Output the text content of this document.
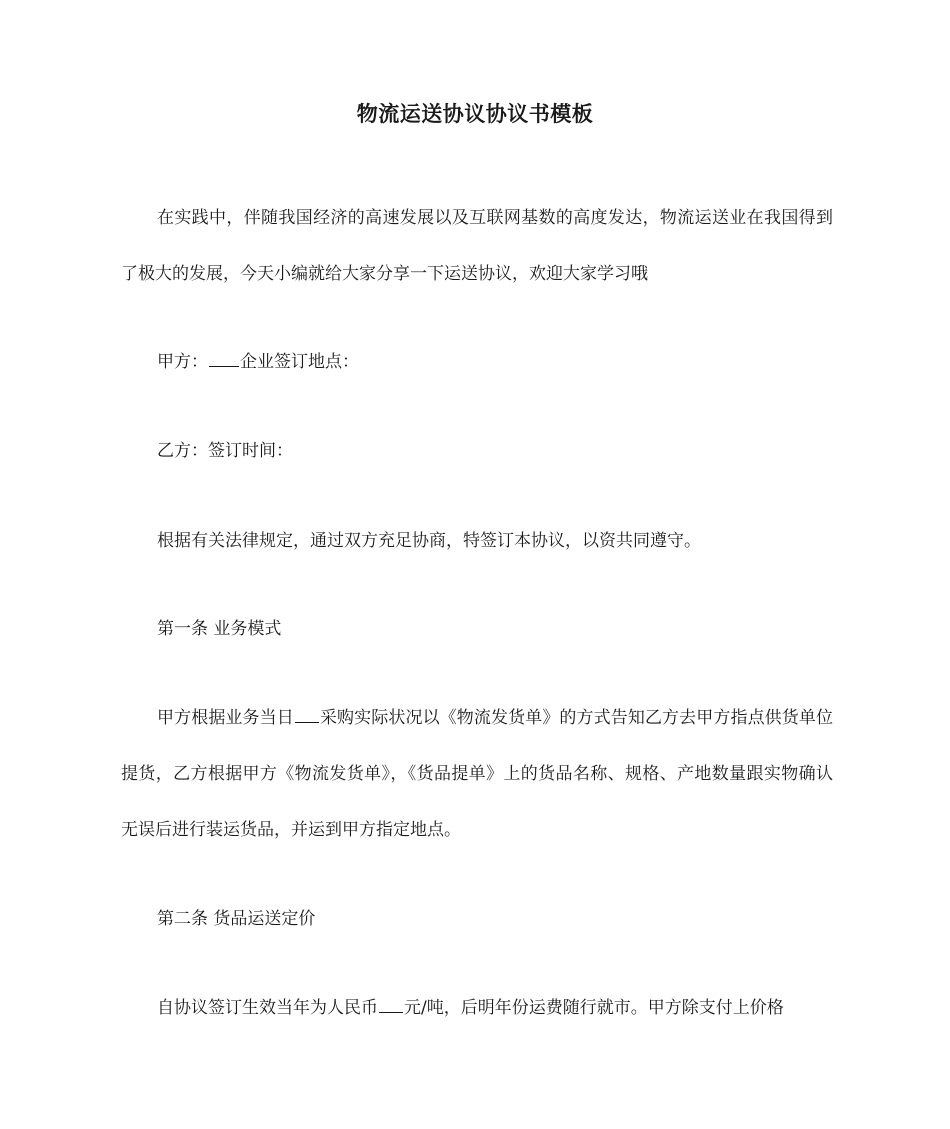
物流运送协议协议书模板

在实践中，伴随我国经济的高速发展以及互联网基数的高度发达，物流运送业在我国得到了极大的发展，今天小编就给大家分享一下运送协议，欢迎大家学习哦

甲方： 企业签订地点：

乙方：签订时间：

根据有关法律规定，通过双方充足协商，特签订本协议，以资共同遵守。

第一条 业务模式

甲方根据业务当日 采购实际状况以《物流发货单》的方式告知乙方去甲方指点供货单位提货，乙方根据甲方《物流发货单》，《货品提单》上的货品名称、规格、产地数量跟实物确认无误后进行装运货品，并运到甲方指定地点。

第二条 货品运送定价

自协议签订生效当年为人民币 元/吨，后明年份运费随行就市。甲方除支付上价格
